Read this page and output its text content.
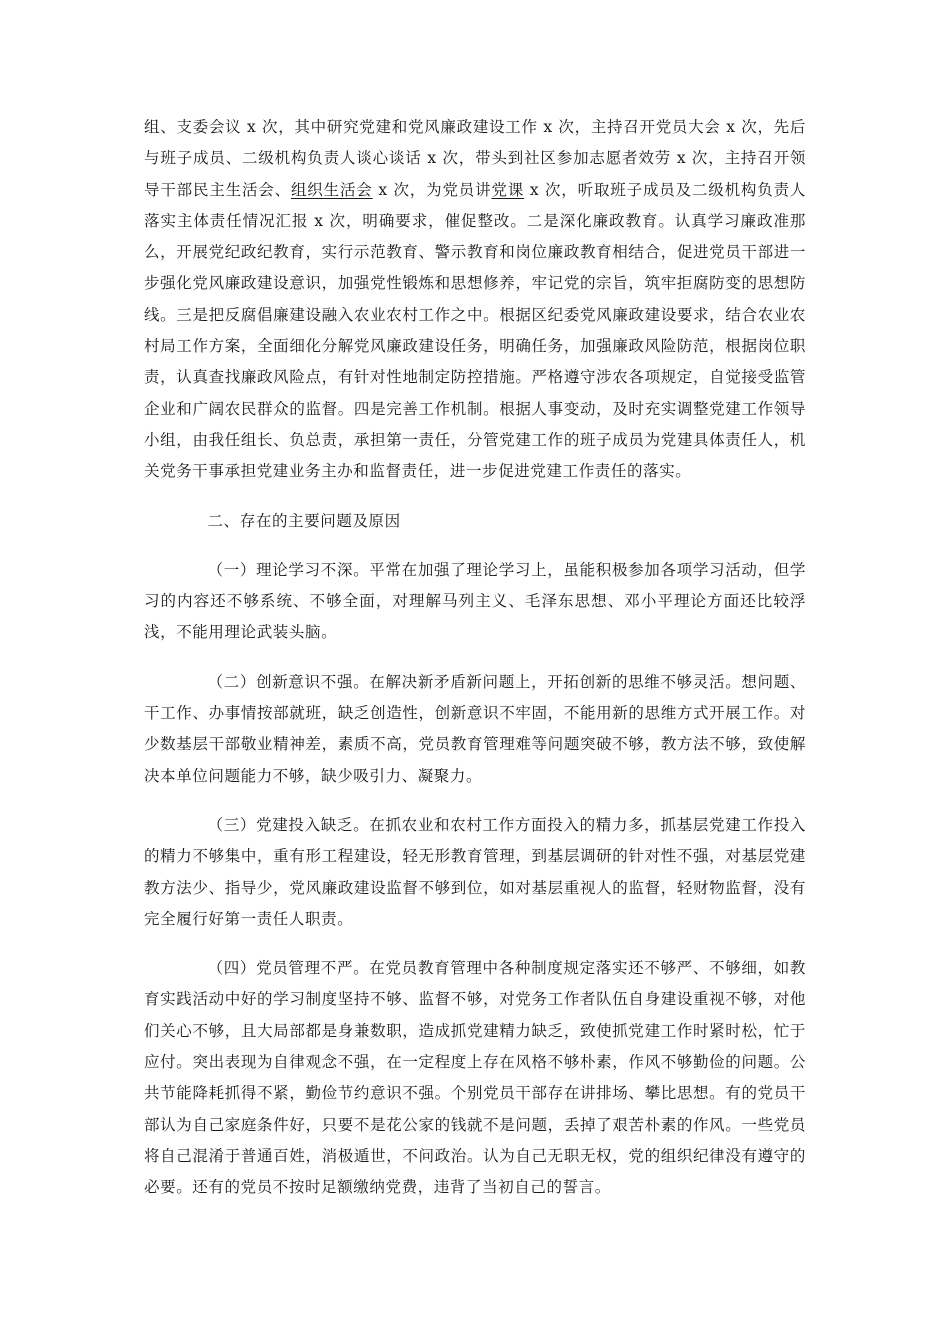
组、支委会议 x 次，其中研究党建和党风廉政建设工作 x 次，主持召开党员大会 x 次，先后与班子成员、二级机构负责人谈心谈话 x 次，带头到社区参加志愿者效劳 x 次，主持召开领导干部民主生活会、组织生活会 x 次，为党员讲党课 x 次，听取班子成员及二级机构负责人落实主体责任情况汇报 x 次，明确要求，催促整改。二是深化廉政教育。认真学习廉政准那么，开展党纪政纪教育，实行示范教育、警示教育和岗位廉政教育相结合，促进党员干部进一步强化党风廉政建设意识，加强党性锻炼和思想修养，牢记党的宗旨，筑牢拒腐防变的思想防线。三是把反腐倡廉建设融入农业农村工作之中。根据区纪委党风廉政建设要求，结合农业农村局工作方案，全面细化分解党风廉政建设任务，明确任务，加强廉政风险防范，根据岗位职责，认真查找廉政风险点，有针对性地制定防控措施。严格遵守涉农各项规定，自觉接受监管企业和广阔农民群众的监督。四是完善工作机制。根据人事变动，及时充实调整党建工作领导小组，由我任组长、负总责，承担第一责任，分管党建工作的班子成员为党建具体责任人，机关党务干事承担党建业务主办和监督责任，进一步促进党建工作责任的落实。

二、存在的主要问题及原因

（一）理论学习不深。平常在加强了理论学习上，虽能积极参加各项学习活动，但学习的内容还不够系统、不够全面，对理解马列主义、毛泽东思想、邓小平理论方面还比较浮浅，不能用理论武装头脑。

（二）创新意识不强。在解决新矛盾新问题上，开拓创新的思维不够灵活。想问题、干工作、办事情按部就班，缺乏创造性，创新意识不牢固，不能用新的思维方式开展工作。对少数基层干部敬业精神差，素质不高，党员教育管理难等问题突破不够，教方法不够，致使解决本单位问题能力不够，缺少吸引力、凝聚力。

（三）党建投入缺乏。在抓农业和农村工作方面投入的精力多，抓基层党建工作投入的精力不够集中，重有形工程建设，轻无形教育管理，到基层调研的针对性不强，对基层党建教方法少、指导少，党风廉政建设监督不够到位，如对基层重视人的监督，轻财物监督，没有完全履行好第一责任人职责。

（四）党员管理不严。在党员教育管理中各种制度规定落实还不够严、不够细，如教育实践活动中好的学习制度坚持不够、监督不够，对党务工作者队伍自身建设重视不够，对他们关心不够，且大局部都是身兼数职，造成抓党建精力缺乏，致使抓党建工作时紧时松，忙于应付。突出表现为自律观念不强，在一定程度上存在风格不够朴素，作风不够勤俭的问题。公共节能降耗抓得不紧，勤俭节约意识不强。个别党员干部存在讲排场、攀比思想。有的党员干部认为自己家庭条件好，只要不是花公家的钱就不是问题，丢掉了艰苦朴素的作风。一些党员将自己混淆于普通百姓，消极遁世，不问政治。认为自己无职无权，党的组织纪律没有遵守的必要。还有的党员不按时足额缴纳党费，违背了当初自己的誓言。
